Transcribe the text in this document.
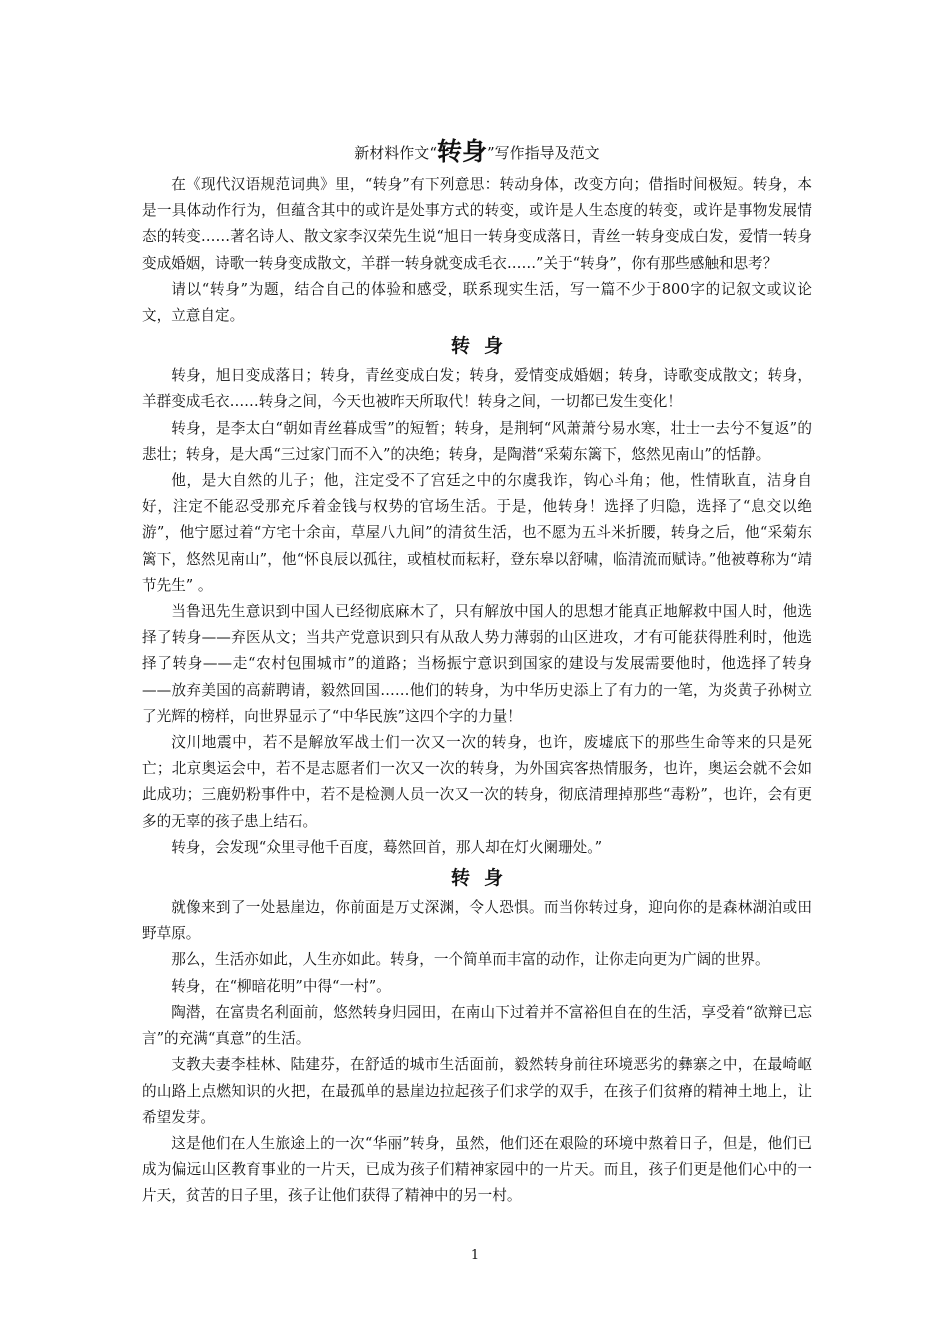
新材料作文“转身”写作指导及范文

在《现代汉语规范词典》里，“转身”有下列意思：转动身体，改变方向；借指时间极短。转身，本是一具体动作行为，但蕴含其中的或许是处事方式的转变，或许是人生态度的转变，或许是事物发展情态的转变……著名诗人、散文家李汉荣先生说“旭日一转身变成落日，青丝一转身变成白发，爱情一转身变成婚姻，诗歌一转身变成散文，羊群一转身就变成毛衣……”关于“转身”，你有那些感触和思考？

请以“转身”为题，结合自己的体验和感受，联系现实生活，写一篇不少于800字的记叙文或议论文，立意自定。

转身

转身，旭日变成落日；转身，青丝变成白发；转身，爱情变成婚姻；转身，诗歌变成散文；转身，羊群变成毛衣……转身之间，今天也被昨天所取代！转身之间，一切都已发生变化！

转身，是李太白“朝如青丝暮成雪”的短暂；转身，是荆轲“风萧萧兮易水寒，壮士一去兮不复返”的悲壮；转身，是大禹“三过家门而不入”的决绝；转身，是陶潜“采菊东篱下，悠然见南山”的恬静。

他，是大自然的儿子；他，注定受不了宫廷之中的尔虞我诈，钩心斗角；他，性情耿直，洁身自好，注定不能忍受那充斥着金钱与权势的官场生活。于是，他转身！选择了归隐，选择了“息交以绝游”，他宁愿过着“方宅十余亩，草屋八九间”的清贫生活，也不愿为五斗米折腰，转身之后，他“采菊东篱下，悠然见南山”，他“怀良辰以孤往，或植杖而耘耔，登东皋以舒啸，临清流而赋诗。”他被尊称为“靖节先生” 。

当鲁迅先生意识到中国人已经彻底麻木了，只有解放中国人的思想才能真正地解救中国人时，他选择了转身——弃医从文；当共产党意识到只有从敌人势力薄弱的山区进攻，才有可能获得胜利时，他选择了转身——走“农村包围城市”的道路；当杨振宁意识到国家的建设与发展需要他时，他选择了转身——放弃美国的高薪聘请，毅然回国……他们的转身，为中华历史添上了有力的一笔，为炎黄子孙树立了光辉的榜样，向世界显示了“中华民族”这四个字的力量！

汶川地震中，若不是解放军战士们一次又一次的转身，也许，废墟底下的那些生命等来的只是死亡；北京奥运会中，若不是志愿者们一次又一次的转身，为外国宾客热情服务，也许，奥运会就不会如此成功；三鹿奶粉事件中，若不是检测人员一次又一次的转身，彻底清理掉那些“毒粉”，也许，会有更多的无辜的孩子患上结石。

转身，会发现“众里寻他千百度，蓦然回首，那人却在灯火阑珊处。”

转身

就像来到了一处悬崖边，你前面是万丈深渊，令人恐惧。而当你转过身，迎向你的是森林湖泊或田野草原。

那么，生活亦如此，人生亦如此。转身，一个简单而丰富的动作，让你走向更为广阔的世界。

转身，在“柳暗花明”中得“一村”。

陶潜，在富贵名利面前，悠然转身归园田，在南山下过着并不富裕但自在的生活，享受着“欲辩已忘言”的充满“真意”的生活。

支教夫妻李桂林、陆建芬，在舒适的城市生活面前，毅然转身前往环境恶劣的彝寨之中，在最崎岖的山路上点燃知识的火把，在最孤单的悬崖边拉起孩子们求学的双手，在孩子们贫瘠的精神土地上，让希望发芽。

这是他们在人生旅途上的一次“华丽”转身，虽然，他们还在艰险的环境中熬着日子，但是，他们已成为偏远山区教育事业的一片天，已成为孩子们精神家园中的一片天。而且，孩子们更是他们心中的一片天，贫苦的日子里，孩子让他们获得了精神中的另一村。

1
